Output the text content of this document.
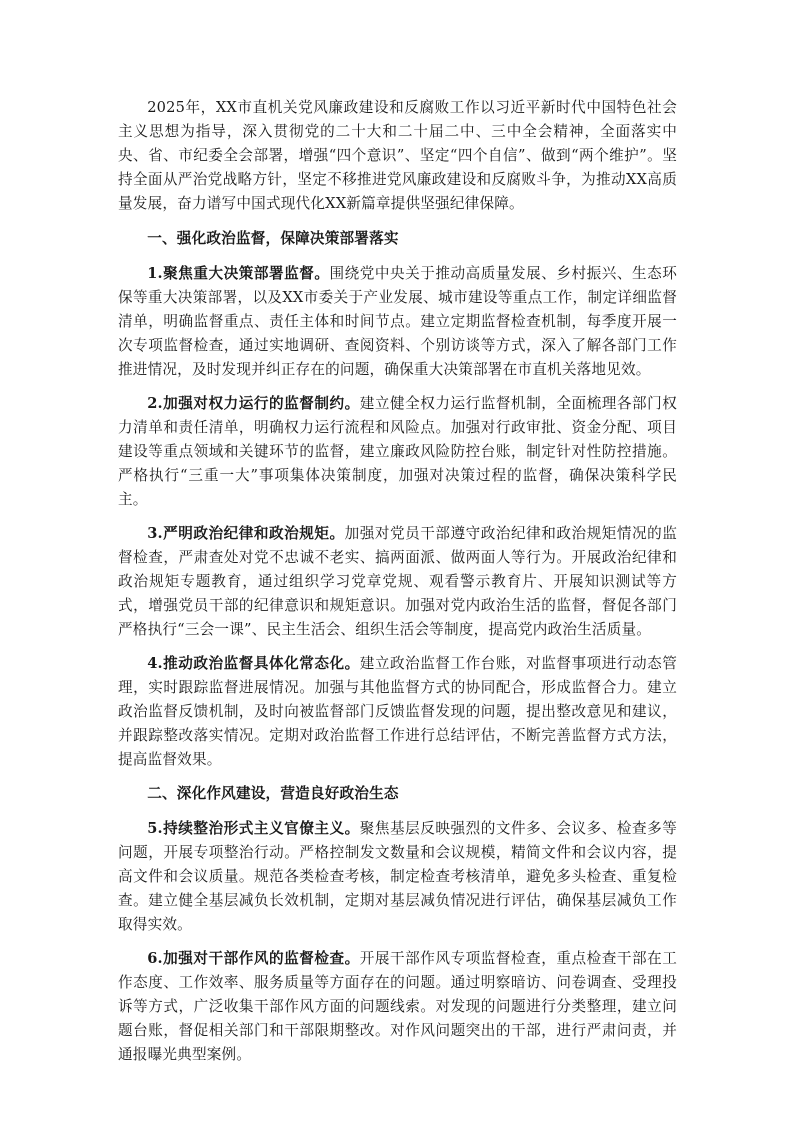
2025年，XX市直机关党风廉政建设和反腐败工作以习近平新时代中国特色社会主义思想为指导，深入贯彻党的二十大和二十届二中、三中全会精神，全面落实中央、省、市纪委全会部署，增强“四个意识”、坚定“四个自信”、做到“两个维护”。坚持全面从严治党战略方针，坚定不移推进党风廉政建设和反腐败斗争，为推动XX高质量发展，奋力谱写中国式现代化XX新篇章提供坚强纪律保障。

一、强化政治监督，保障决策部署落实

1.聚焦重大决策部署监督。围绕党中央关于推动高质量发展、乡村振兴、生态环保等重大决策部署，以及XX市委关于产业发展、城市建设等重点工作，制定详细监督清单，明确监督重点、责任主体和时间节点。建立定期监督检查机制，每季度开展一次专项监督检查，通过实地调研、查阅资料、个别访谈等方式，深入了解各部门工作推进情况，及时发现并纠正存在的问题，确保重大决策部署在市直机关落地见效。

2.加强对权力运行的监督制约。建立健全权力运行监督机制，全面梳理各部门权力清单和责任清单，明确权力运行流程和风险点。加强对行政审批、资金分配、项目建设等重点领域和关键环节的监督，建立廉政风险防控台账，制定针对性防控措施。严格执行“三重一大”事项集体决策制度，加强对决策过程的监督，确保决策科学民主。

3.严明政治纪律和政治规矩。加强对党员干部遵守政治纪律和政治规矩情况的监督检查，严肃查处对党不忠诚不老实、搞两面派、做两面人等行为。开展政治纪律和政治规矩专题教育，通过组织学习党章党规、观看警示教育片、开展知识测试等方式，增强党员干部的纪律意识和规矩意识。加强对党内政治生活的监督，督促各部门严格执行“三会一课”、民主生活会、组织生活会等制度，提高党内政治生活质量。

4.推动政治监督具体化常态化。建立政治监督工作台账，对监督事项进行动态管理，实时跟踪监督进展情况。加强与其他监督方式的协同配合，形成监督合力。建立政治监督反馈机制，及时向被监督部门反馈监督发现的问题，提出整改意见和建议，并跟踪整改落实情况。定期对政治监督工作进行总结评估，不断完善监督方式方法，提高监督效果。

二、深化作风建设，营造良好政治生态

5.持续整治形式主义官僚主义。聚焦基层反映强烈的文件多、会议多、检查多等问题，开展专项整治行动。严格控制发文数量和会议规模，精简文件和会议内容，提高文件和会议质量。规范各类检查考核，制定检查考核清单，避免多头检查、重复检查。建立健全基层减负长效机制，定期对基层减负情况进行评估，确保基层减负工作取得实效。

6.加强对干部作风的监督检查。开展干部作风专项监督检查，重点检查干部在工作态度、工作效率、服务质量等方面存在的问题。通过明察暗访、问卷调查、受理投诉等方式，广泛收集干部作风方面的问题线索。对发现的问题进行分类整理，建立问题台账，督促相关部门和干部限期整改。对作风问题突出的干部，进行严肃问责，并通报曝光典型案例。
